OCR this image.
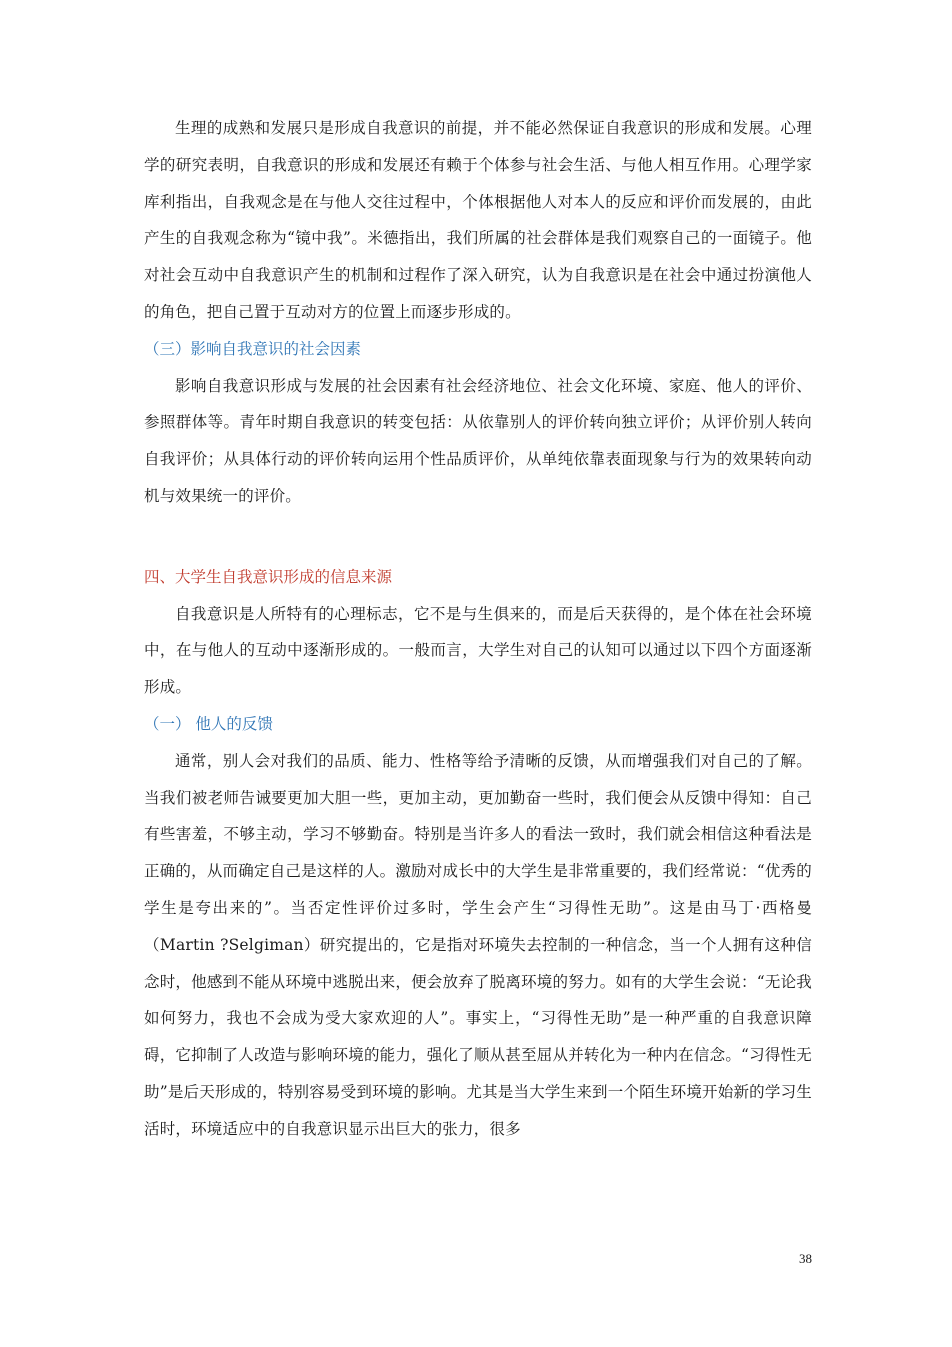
生理的成熟和发展只是形成自我意识的前提，并不能必然保证自我意识的形成和发展。心理学的研究表明，自我意识的形成和发展还有赖于个体参与社会生活、与他人相互作用。心理学家库利指出，自我观念是在与他人交往过程中，个体根据他人对本人的反应和评价而发展的，由此产生的自我观念称为“镜中我”。米德指出，我们所属的社会群体是我们观察自己的一面镜子。他对社会互动中自我意识产生的机制和过程作了深入研究，认为自我意识是在社会中通过扮演他人的角色，把自己置于互动对方的位置上而逐步形成的。

（三）影响自我意识的社会因素

影响自我意识形成与发展的社会因素有社会经济地位、社会文化环境、家庭、他人的评价、参照群体等。青年时期自我意识的转变包括：从依靠别人的评价转向独立评价；从评价别人转向自我评价；从具体行动的评价转向运用个性品质评价，从单纯依靠表面现象与行为的效果转向动机与效果统一的评价。

四、大学生自我意识形成的信息来源

自我意识是人所特有的心理标志，它不是与生俱来的，而是后天获得的，是个体在社会环境中，在与他人的互动中逐渐形成的。一般而言，大学生对自己的认知可以通过以下四个方面逐渐形成。

（一） 他人的反馈

通常，别人会对我们的品质、能力、性格等给予清晰的反馈，从而增强我们对自己的了解。当我们被老师告诫要更加大胆一些，更加主动，更加勤奋一些时，我们便会从反馈中得知：自己有些害羞，不够主动，学习不够勤奋。特别是当许多人的看法一致时，我们就会相信这种看法是正确的，从而确定自己是这样的人。激励对成长中的大学生是非常重要的，我们经常说：“优秀的学生是夸出来的”。当否定性评价过多时，学生会产生“习得性无助”。这是由马丁·西格曼（Martin ?Selgiman）研究提出的，它是指对环境失去控制的一种信念，当一个人拥有这种信念时，他感到不能从环境中逃脱出来，便会放弃了脱离环境的努力。如有的大学生会说：“无论我如何努力，我也不会成为受大家欢迎的人”。事实上，“习得性无助”是一种严重的自我意识障碍，它抑制了人改造与影响环境的能力，强化了顺从甚至屈从并转化为一种内在信念。“习得性无助”是后天形成的，特别容易受到环境的影响。尤其是当大学生来到一个陌生环境开始新的学习生活时，环境适应中的自我意识显示出巨大的张力，很多

38
